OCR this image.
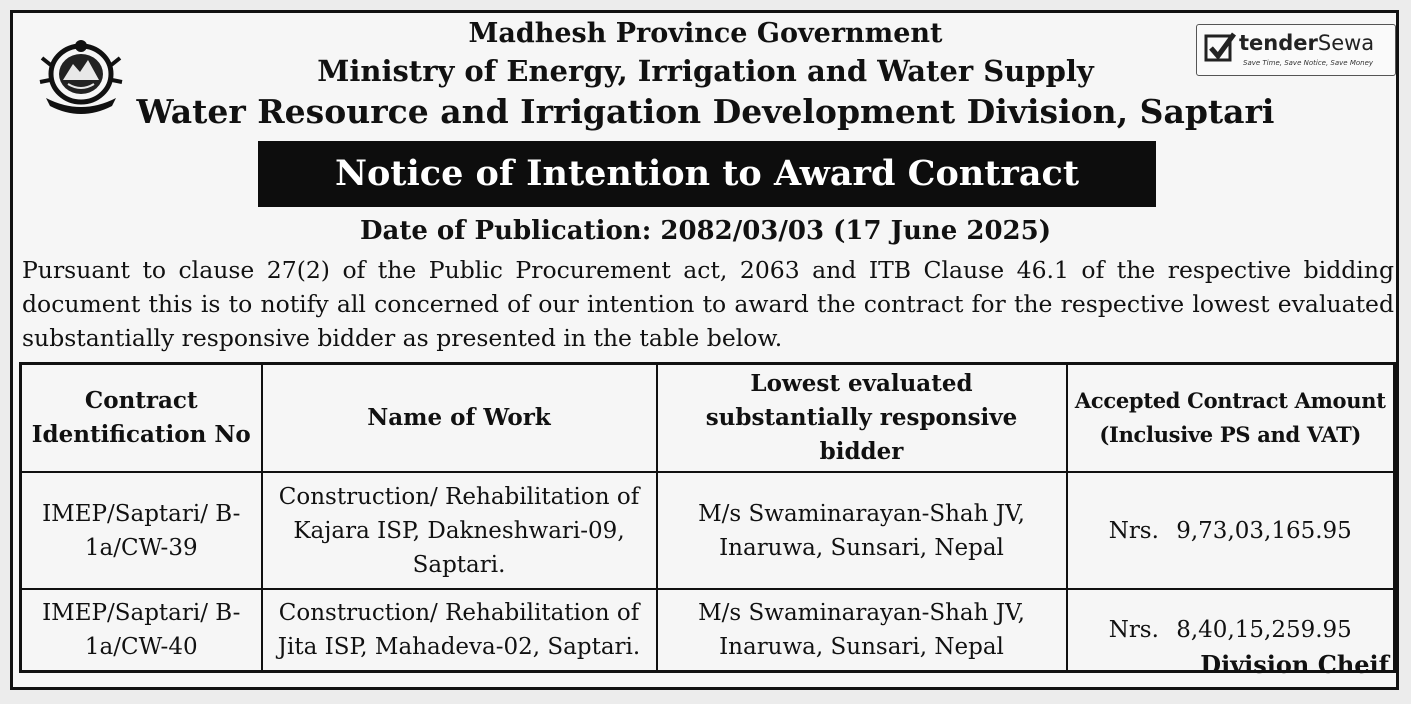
tenderSewa
Save Time, Save Notice, Save Money
Madhesh Province Government
Ministry of Energy, Irrigation and Water Supply
Water Resource and Irrigation Development Division, Saptari
Notice of Intention to Award Contract
Date of Publication: 2082/03/03 (17 June 2025)
Pursuant to clause 27(2) of the Public Procurement act, 2063 and ITB Clause 46.1 of the respective bidding document this is to notify all concerned of our intention to award the contract for the respective lowest evaluated substantially responsive bidder as presented in the table below.
Contract Identification No	Name of Work	Lowest evaluated substantially responsive bidder	Accepted Contract Amount (Inclusive PS and VAT)
IMEP/Saptari/ B-1a/CW-39	Construction/ Rehabilitation of Kajara ISP, Dakneshwari-09, Saptari.	M/s Swaminarayan-Shah JV, Inaruwa, Sunsari, Nepal	Nrs. 9,73,03,165.95
IMEP/Saptari/ B-1a/CW-40	Construction/ Rehabilitation of Jita ISP, Mahadeva-02, Saptari.	M/s Swaminarayan-Shah JV, Inaruwa, Sunsari, Nepal	Nrs. 8,40,15,259.95
Division Cheif
